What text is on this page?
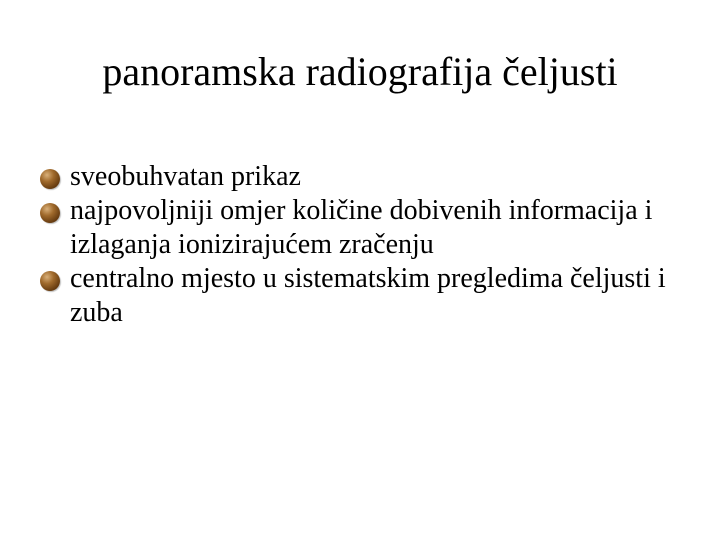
panoramska radiografija čeljusti
sveobuhvatan prikaz
najpovoljniji omjer količine dobivenih informacija i izlaganja ionizirajućem zračenju
centralno mjesto u sistematskim pregledima čeljusti i zuba
